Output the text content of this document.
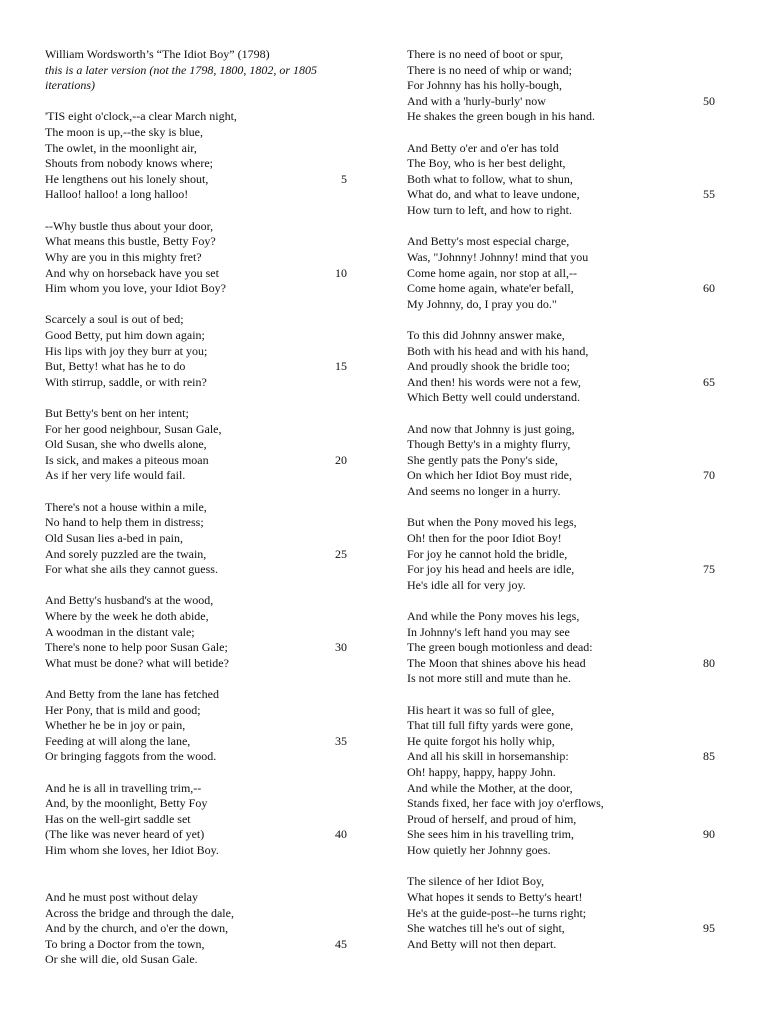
William Wordsworth’s “The Idiot Boy” (1798)
this is a later version (not the 1798, 1800, 1802, or 1805
iterations)
'TIS eight o'clock,--a clear March night,
The moon is up,--the sky is blue,
The owlet, in the moonlight air,
Shouts from nobody knows where;
He lengthens out his lonely shout,	5
Halloo! halloo! a long halloo!
--Why bustle thus about your door,
What means this bustle, Betty Foy?
Why are you in this mighty fret?
And why on horseback have you set	10
Him whom you love, your Idiot Boy?
Scarcely a soul is out of bed;
Good Betty, put him down again;
His lips with joy they burr at you;
But, Betty! what has he to do	15
With stirrup, saddle, or with rein?
But Betty's bent on her intent;
For her good neighbour, Susan Gale,
Old Susan, she who dwells alone,
Is sick, and makes a piteous moan	20
As if her very life would fail.
There's not a house within a mile,
No hand to help them in distress;
Old Susan lies a-bed in pain,
And sorely puzzled are the twain,	25
For what she ails they cannot guess.
And Betty's husband's at the wood,
Where by the week he doth abide,
A woodman in the distant vale;
There's none to help poor Susan Gale;	30
What must be done? what will betide?
And Betty from the lane has fetched
Her Pony, that is mild and good;
Whether he be in joy or pain,
Feeding at will along the lane,	35
Or bringing faggots from the wood.
And he is all in travelling trim,--
And, by the moonlight, Betty Foy
Has on the well-girt saddle set
(The like was never heard of yet)	40
Him whom she loves, her Idiot Boy.
And he must post without delay
Across the bridge and through the dale,
And by the church, and o'er the down,
To bring a Doctor from the town,	45
Or she will die, old Susan Gale.
There is no need of boot or spur,
There is no need of whip or wand;
For Johnny has his holly-bough,
And with a 'hurly-burly' now	50
He shakes the green bough in his hand.
And Betty o'er and o'er has told
The Boy, who is her best delight,
Both what to follow, what to shun,
What do, and what to leave undone,	55
How turn to left, and how to right.
And Betty's most especial charge,
Was, "Johnny! Johnny! mind that you
Come home again, nor stop at all,--
Come home again, whate'er befall,	60
My Johnny, do, I pray you do."
To this did Johnny answer make,
Both with his head and with his hand,
And proudly shook the bridle too;
And then! his words were not a few,	65
Which Betty well could understand.
And now that Johnny is just going,
Though Betty's in a mighty flurry,
She gently pats the Pony's side,
On which her Idiot Boy must ride,	70
And seems no longer in a hurry.
But when the Pony moved his legs,
Oh! then for the poor Idiot Boy!
For joy he cannot hold the bridle,
For joy his head and heels are idle,	75
He's idle all for very joy.
And while the Pony moves his legs,
In Johnny's left hand you may see
The green bough motionless and dead:
The Moon that shines above his head	80
Is not more still and mute than he.
His heart it was so full of glee,
That till full fifty yards were gone,
He quite forgot his holly whip,
And all his skill in horsemanship:	85
Oh! happy, happy, happy John.
And while the Mother, at the door,
Stands fixed, her face with joy o'erflows,
Proud of herself, and proud of him,
She sees him in his travelling trim,	90
How quietly her Johnny goes.
The silence of her Idiot Boy,
What hopes it sends to Betty's heart!
He's at the guide-post--he turns right;
She watches till he's out of sight,	95
And Betty will not then depart.
